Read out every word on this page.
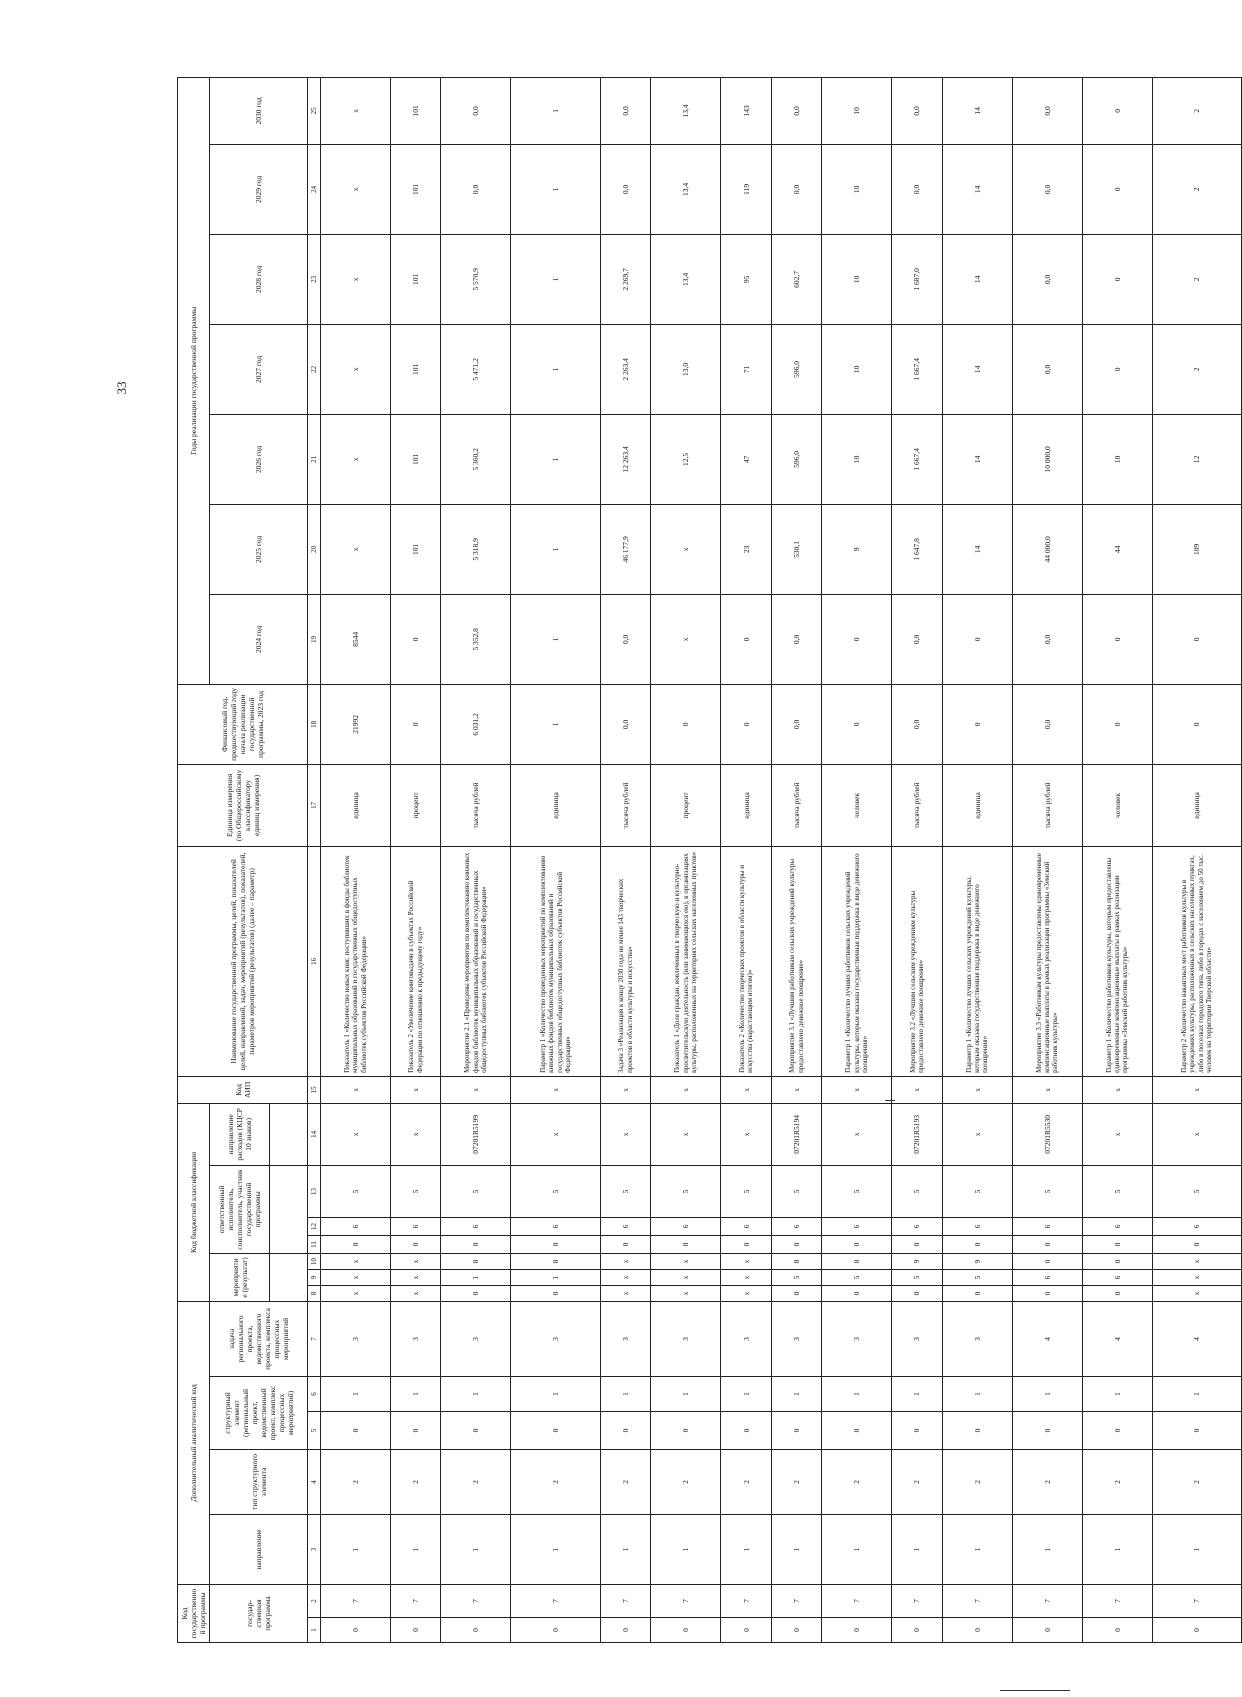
33
Код государственной программы		Дополнительный аналитический код					Код бюджетной классификации							Код АИП	Наименование государственной программы, целей, показателей целей, направлений, задач, мероприятий (результатов), показателей, параметров мероприятий (результатов) (далее – параметр)	Единица измерения (по Общероссийскому классификатору единиц измерения)	Финансовый год, предшествующий году начала реализации государственной программы, 2023 год	Годы реализации государственной программы						
государ-ственная программа		направление	тип структурного элемента	структурный элемент (региональный проект, ведомственный проект, комплекс процессных мероприятий)		задача регионального проекта, ведомственного проекта, комплекса процессных мероприятий	мероприятие (результат)			ответственный исполнитель, соисполнитель, участник государственной программы			направление расходов (КЦСР 10 знаков)					2024 год	2025 год	2026 год	2027 год	2028 год	2029 год	2030 год

1	2	3	4	5	6	7	8	9	10	11	12	13	14	15	16	17	18	19	20	21	22	23	24	25
0	7	1	2	0	1	3	x	x	x	0	6	5	x	x	Показатель 1 «Количество новых книг, поступивших в фонды библиотек муниципальных образований и государственных общедоступных библиотек субъектов Российской Федерации»	единица	21992	8544	x	x	x	x	x	x
0	7	1	2	0	1	3	x	x	x	0	6	5	x	x	Показатель 2 «Увеличение книговыдачи в субъектах Российской Федерации по отношению к предыдущему году»	процент	0	0	101	101	101	101	101	101
0	7	1	2	0	1	3	0	1	8	0	6	5	07201R5199	x	Мероприятие 2.1 «Проведены мероприятия по комплектованию книжных фондов библиотек муниципальных образований и государственных общедоступных библиотек субъектов Российской Федерации»	тысяча рублей	6 031,2	5 352,8	5 318,9	5 360,2	5 471,2	5 570,9	0,0	0,0
0	7	1	2	0	1	3	0	1	8	0	6	5	x	x	Параметр 1 «Количество проведенных мероприятий по комплектованию книжных фондов библиотек муниципальных образований и государственных общедоступных библиотек субъектов Российской Федерации»	единица	1	1	1	1	1	1	1	1
0	7	1	2	0	1	3	x	x	x	0	6	5	x	x	Задача 3 «Реализация к концу 2030 года не менее 143 творческих проектов в области культуры и искусства»	тысяча рублей	0,0	0,0	46 177,9	12 263,4	2 263,4	2 269,7	0,0	0,0
0	7	1	2	0	1	3	x	x	x	0	6	5	x	x	Показатель 1 «Доля граждан, вовлеченных в творческую и культурно-просветительскую деятельность (или занимающихся ею), в организациях культуры, расположенных на территориях сельских населенных пунктов»	процент	0	x	x	12,5	13,0	13,4	13,4	13,4
0	7	1	2	0	1	3	x	x	x	0	6	5	x	x	Показатель 2 «Количество творческих проектов в области культуры и искусства (нарастающим итогом)»	единица	0	0	23	47	71	95	119	143
0	7	1	2	0	1	3	0	5	8	0	6	5	07201R5194	x	Мероприятие 3.1 «Лучшим работникам сельских учреждений культуры предоставлено денежное поощрение»	тысяча рублей	0,0	0,0	530,1	596,0	596,0	602,7	0,0	0,0
0	7	1	2	0	1	3	0	5	8	0	6	5	x	x	Параметр 1 «Количество лучших работников сельских учреждений культуры, которым оказана государственная поддержка в виде денежного поощрения»	человек	0	0	9	10	10	10	10	10
0	7	1	2	0	1	3	0	5	9	0	6	5	07201R5193	x	Мероприятие 3.2 «Лучшим сельским учреждениям культуры предоставлено денежное поощрение»	тысяча рублей	0,0	0,0	1 647,8	1 667,4	1 667,4	1 687,0	0,0	0,0
0	7	1	2	0	1	3	0	5	9	0	6	5	x	x	Параметр 1 «Количество лучших сельских учреждений культуры, которым оказана государственная поддержка в виде денежного поощрения»	единица	0	0	14	14	14	14	14	14
0	7	1	2	0	1	4	0	6	0	0	6	5	07201R5530	x	Мероприятие 3.3 «Работникам культуры предоставлены единовременные компенсационные выплаты в рамках реализации программы «Земский работник культуры»	тысяча рублей	0,0	0,0	44 000,0	10 000,0	0,0	0,0	0,0	0,0
0	7	1	2	0	1	4	0	6	0	0	6	5	x	x	Параметр 1 «Количество работников культуры, которым предоставлены единовременные компенсационные выплаты в рамках реализации программы «Земский работник культуры»	человек	0	0	44	10	0	0	0	0
0	7	1	2	0	1	4	x	x	x	0	6	5	x	x	Параметр 2 «Количество вакантных мест работников культуры в учреждениях культуры, расположенных в сельских населенных пунктах, либо в поселках городского типа, либо в городах с населением до 50 тыс. человек на территории Тверской области»	единица	0	0	109	12	2	2	2	2
